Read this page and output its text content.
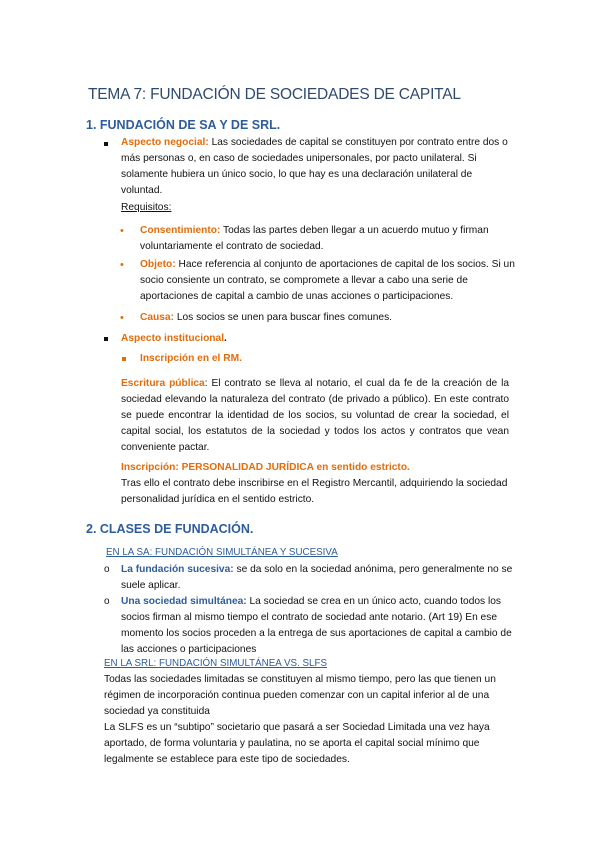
TEMA 7: FUNDACIÓN DE SOCIEDADES DE CAPITAL
1. FUNDACIÓN DE SA Y DE SRL.
Aspecto negocial: Las sociedades de capital se constituyen por contrato entre dos o más personas o, en caso de sociedades unipersonales, por pacto unilateral. Si solamente hubiera un único socio, lo que hay es una declaración unilateral de voluntad.
Requisitos:
• Consentimiento: Todas las partes deben llegar a un acuerdo mutuo y firman voluntariamente el contrato de sociedad.
• Objeto: Hace referencia al conjunto de aportaciones de capital de los socios. Si un socio consiente un contrato, se compromete a llevar a cabo una serie de aportaciones de capital a cambio de unas acciones o participaciones.
• Causa: Los socios se unen para buscar fines comunes.
Aspecto institucional.
Inscripción en el RM.
Escritura pública: El contrato se lleva al notario, el cual da fe de la creación de la sociedad elevando la naturaleza del contrato (de privado a público). En este contrato se puede encontrar la identidad de los socios, su voluntad de crear la sociedad, el capital social, los estatutos de la sociedad y todos los actos y contratos que vean conveniente pactar.
Inscripción: PERSONALIDAD JURÍDICA en sentido estricto.
Tras ello el contrato debe inscribirse en el Registro Mercantil, adquiriendo la sociedad personalidad jurídica en el sentido estricto.
2. CLASES DE FUNDACIÓN.
EN LA SA: FUNDACIÓN SIMULTÁNEA Y SUCESIVA
o La fundación sucesiva: se da solo en la sociedad anónima, pero generalmente no se suele aplicar.
o Una sociedad simultánea: La sociedad se crea en un único acto, cuando todos los socios firman al mismo tiempo el contrato de sociedad ante notario. (Art 19) En ese momento los socios proceden a la entrega de sus aportaciones de capital a cambio de las acciones o participaciones
EN LA SRL: FUNDACIÓN SIMULTÁNEA VS. SLFS
Todas las sociedades limitadas se constituyen al mismo tiempo, pero las que tienen un régimen de incorporación continua pueden comenzar con un capital inferior al de una sociedad ya constituida
La SLFS es un “subtipo” societario que pasará a ser Sociedad Limitada una vez haya aportado, de forma voluntaria y paulatina, no se aporta el capital social mínimo que legalmente se establece para este tipo de sociedades.
